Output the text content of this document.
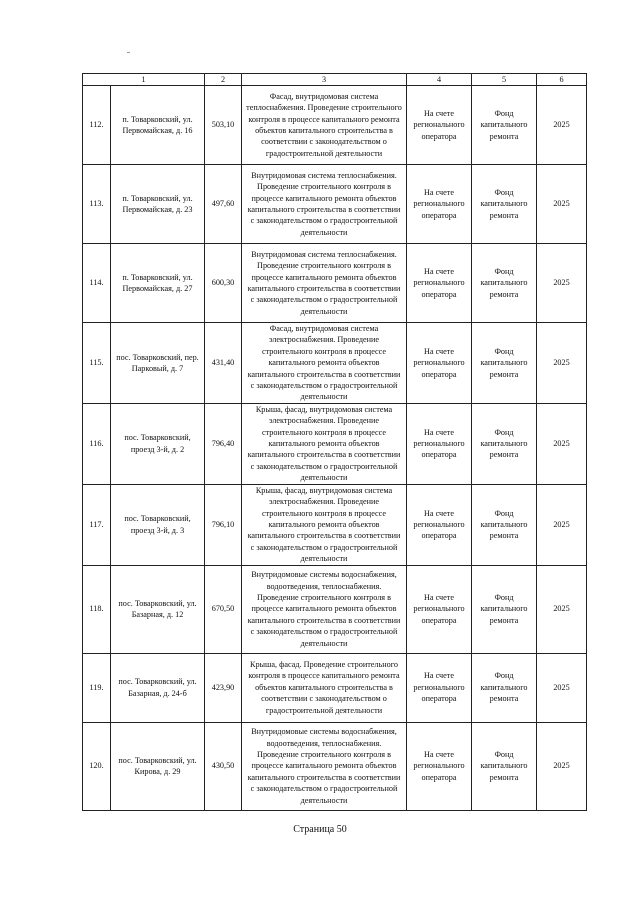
1		2	3	4	5	6
112.	п. Товарковский, ул. Первомайская, д. 16	503,10	Фасад, внутридомовая система теплоснабжения. Проведение строительного контроля в процессе капитального ремонта объектов капитального строительства в соответствии с законодательством о градостроительной деятельности	На счете регионального оператора	Фонд капитального ремонта	2025
113.	п. Товарковский, ул. Первомайская, д. 23	497,60	Внутридомовая система теплоснабжения. Проведение строительного контроля в процессе капитального ремонта объектов капитального строительства в соответствии с законодательством о градостроительной деятельности	На счете регионального оператора	Фонд капитального ремонта	2025
114.	п. Товарковский, ул. Первомайская, д. 27	600,30	Внутридомовая система теплоснабжения. Проведение строительного контроля в процессе капитального ремонта объектов капитального строительства в соответствии с законодательством о градостроительной деятельности	На счете регионального оператора	Фонд капитального ремонта	2025
115.	пос. Товарковский, пер. Парковый, д. 7	431,40	Фасад, внутридомовая система электроснабжения. Проведение строительного контроля в процессе капитального ремонта объектов капитального строительства в соответствии с законодательством о градостроительной деятельности	На счете регионального оператора	Фонд капитального ремонта	2025
116.	пос. Товарковский, проезд 3-й, д. 2	796,40	Крыша, фасад, внутридомовая система электроснабжения. Проведение строительного контроля в процессе капитального ремонта объектов капитального строительства в соответствии с законодательством о градостроительной деятельности	На счете регионального оператора	Фонд капитального ремонта	2025
117.	пос. Товарковский, проезд 3-й, д. 3	796,10	Крыша, фасад, внутридомовая система электроснабжения. Проведение строительного контроля в процессе капитального ремонта объектов капитального строительства в соответствии с законодательством о градостроительной деятельности	На счете регионального оператора	Фонд капитального ремонта	2025
118.	пос. Товарковский, ул. Базарная, д. 12	670,50	Внутридомовые системы водоснабжения, водоотведения, теплоснабжения. Проведение строительного контроля в процессе капитального ремонта объектов капитального строительства в соответствии с законодательством о градостроительной деятельности	На счете регионального оператора	Фонд капитального ремонта	2025
119.	пос. Товарковский, ул. Базарная, д. 24-б	423,90	Крыша, фасад. Проведение строительного контроля в процессе капитального ремонта объектов капитального строительства в соответствии с законодательством о градостроительной деятельности	На счете регионального оператора	Фонд капитального ремонта	2025
120.	пос. Товарковский, ул. Кирова, д. 29	430,50	Внутридомовые системы водоснабжения, водоотведения, теплоснабжения. Проведение строительного контроля в процессе капитального ремонта объектов капитального строительства в соответствии с законодательством о градостроительной деятельности	На счете регионального оператора	Фонд капитального ремонта	2025
Страница 50
